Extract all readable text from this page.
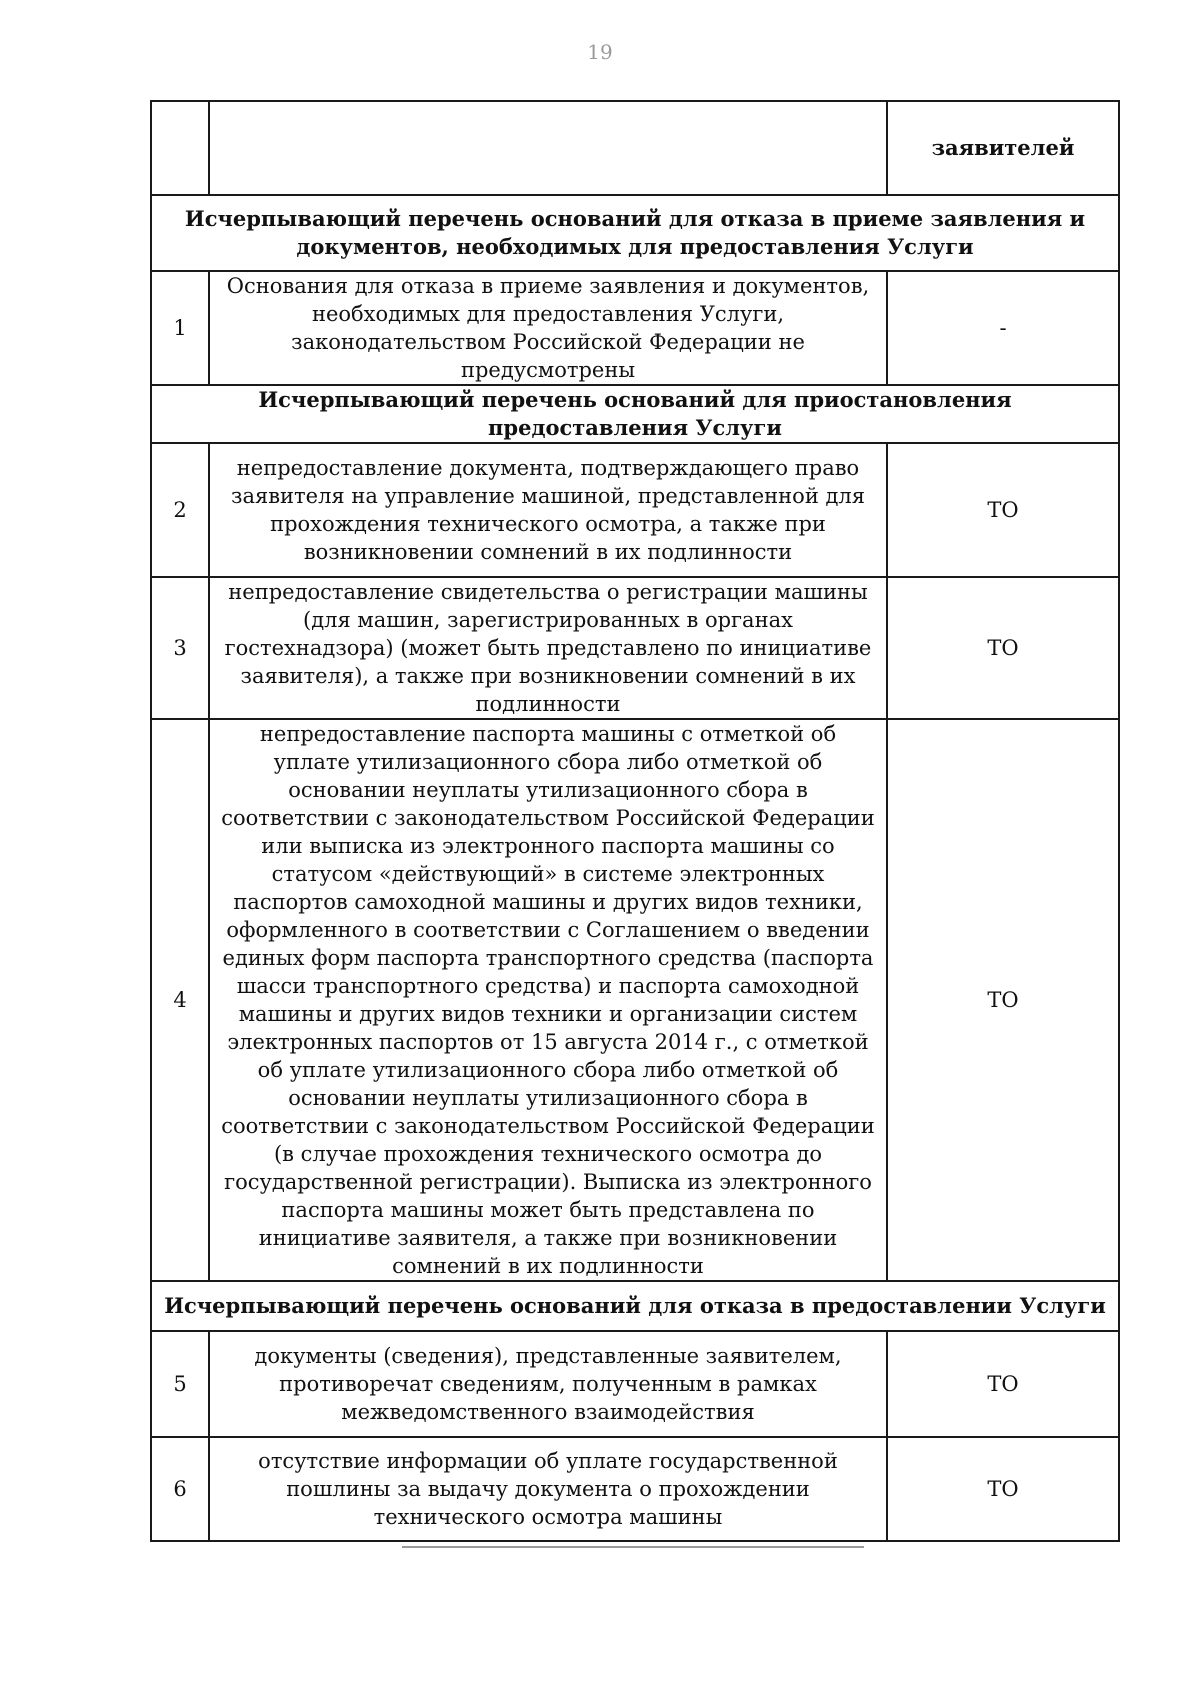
19
		заявителей
Исчерпывающий перечень оснований для отказа в приеме заявления и документов, необходимых для предоставления Услуги		
1	Основания для отказа в приеме заявления и документов, необходимых для предоставления Услуги, законодательством Российской Федерации не предусмотрены	-
Исчерпывающий перечень оснований для приостановления предоставления Услуги		
2	непредоставление документа, подтверждающего право заявителя на управление машиной, представленной для прохождения технического осмотра, а также при возникновении сомнений в их подлинности	ТО
3	непредоставление свидетельства о регистрации машины (для машин, зарегистрированных в органах гостехнадзора) (может быть представлено по инициативе заявителя), а также при возникновении сомнений в их подлинности	ТО
4	непредоставление паспорта машины с отметкой об уплате утилизационного сбора либо отметкой об основании неуплаты утилизационного сбора в соответствии с законодательством Российской Федерации или выписка из электронного паспорта машины со статусом «действующий» в системе электронных паспортов самоходной машины и других видов техники, оформленного в соответствии с Соглашением о введении единых форм паспорта транспортного средства (паспорта шасси транспортного средства) и паспорта самоходной машины и других видов техники и организации систем электронных паспортов от 15 августа 2014 г., с отметкой об уплате утилизационного сбора либо отметкой об основании неуплаты утилизационного сбора в соответствии с законодательством Российской Федерации (в случае прохождения технического осмотра до государственной регистрации). Выписка из электронного паспорта машины может быть представлена по инициативе заявителя, а также при возникновении сомнений в их подлинности	ТО
Исчерпывающий перечень оснований для отказа в предоставлении Услуги		
5	документы (сведения), представленные заявителем, противоречат сведениям, полученным в рамках межведомственного взаимодействия	ТО
6	отсутствие информации об уплате государственной пошлины за выдачу документа о прохождении технического осмотра машины	ТО
